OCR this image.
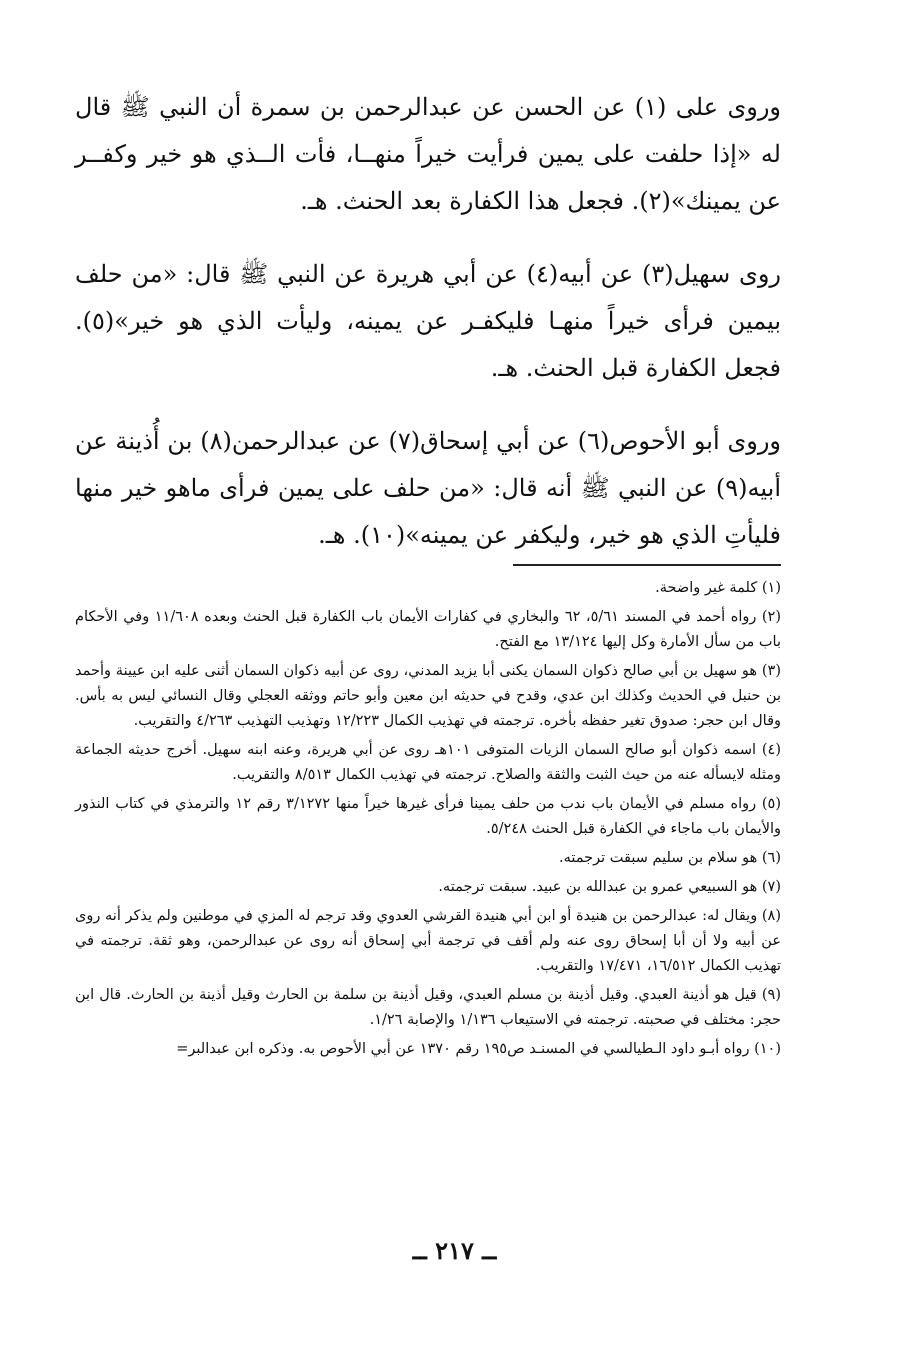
وروى على (١) عن الحسن عن عبدالرحمن بن سمرة أن النبي ﷺ قال له «إذا حلفت على يمين فرأيت خيراً منهــا، فأت الــذي هو خير وكفــر عن يمينك»(٢). فجعل هذا الكفارة بعد الحنث. هـ.

روى سهيل(٣) عن أبيه(٤) عن أبي هريرة عن النبي ﷺ قال: «من حلف بيمين فرأى خيراً منهـا فليكفـر عن يمينه، وليأت الذي هو خير»(٥). فجعل الكفارة قبل الحنث. هـ.

وروى أبو الأحوص(٦) عن أبي إسحاق(٧) عن عبدالرحمن(٨) بن أُذينة عن أبيه(٩) عن النبي ﷺ أنه قال: «من حلف على يمين فرأى ماهو خير منها فليأتِ الذي هو خير، وليكفر عن يمينه»(١٠). هـ.

(١) كلمة غير واضحة.

(٢) رواه أحمد في المسند ٥/٦١، ٦٢ والبخاري في كفارات الأيمان باب الكفارة قبل الحنث وبعده ١١/٦٠٨ وفي الأحكام باب من سأل الأمارة وكل إليها ١٣/١٢٤ مع الفتح.

(٣) هو سهيل بن أبي صالح ذكوان السمان يكنى أبا يزيد المدني، روى عن أبيه ذكوان السمان أثنى عليه ابن عيينة وأحمد بن حنبل في الحديث وكذلك ابن عدي، وقدح في حديثه ابن معين وأبو حاتم ووثقه العجلي وقال النسائي ليس به بأس. وقال ابن حجر: صدوق تغير حفظه بأخره. ترجمته في تهذيب الكمال ١٢/٢٢٣ وتهذيب التهذيب ٤/٢٦٣ والتقريب.

(٤) اسمه ذكوان أبو صالح السمان الزيات المتوفى ١٠١هـ روى عن أبي هريرة، وعنه ابنه سهيل. أخرج حديثه الجماعة ومثله لايسأله عنه من حيث الثبت والثقة والصلاح. ترجمته في تهذيب الكمال ٨/٥١٣ والتقريب.

(٥) رواه مسلم في الأيمان باب ندب من حلف يمينا فرأى غيرها خيراً منها ٣/١٢٧٢ رقم ١٢ والترمذي في كتاب النذور والأيمان باب ماجاء في الكفارة قبل الحنث ٥/٢٤٨.

(٦) هو سلام بن سليم سبقت ترجمته.

(٧) هو السبيعي عمرو بن عبدالله بن عبيد. سبقت ترجمته.

(٨) ويقال له: عبدالرحمن بن هنيدة أو ابن أبي هنيدة القرشي العدوي وقد ترجم له المزي في موطنين ولم يذكر أنه روى عن أبيه ولا أن أبا إسحاق روى عنه ولم أقف في ترجمة أبي إسحاق أنه روى عن عبدالرحمن، وهو ثقة. ترجمته في تهذيب الكمال ١٦/٥١٢، ١٧/٤٧١ والتقريب.

(٩) قيل هو أذينة العبدي. وقيل أذينة بن مسلم العبدي، وقيل أذينة بن سلمة بن الحارث وقيل أذينة بن الحارث. قال ابن حجر: مختلف في صحبته. ترجمته في الاستيعاب ١/١٣٦ والإصابة ١/٢٦.

(١٠) رواه أبـو داود الـطيالسي في المسنـد ص١٩٥ رقم ١٣٧٠ عن أبي الأحوص به. وذكره ابن عبدالبر=

ــ ٢١٧ ــ
